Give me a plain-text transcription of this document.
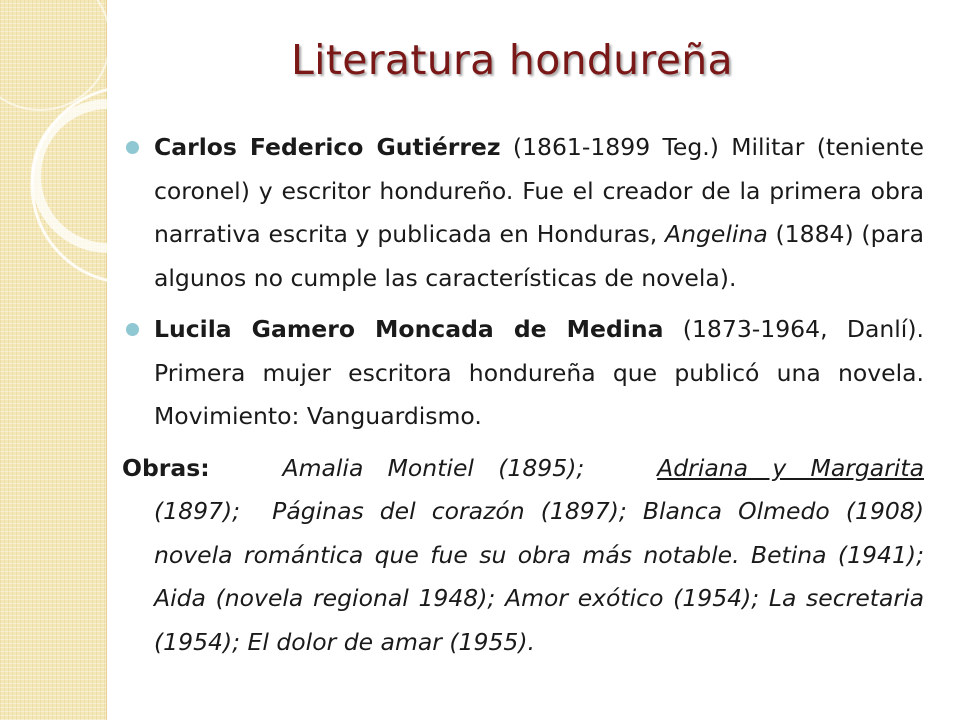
Literatura hondureña

Carlos Federico Gutiérrez (1861-1899 Teg.) Militar (teniente coronel) y escritor hondureño. Fue el creador de la primera obra narrativa escrita y publicada en Honduras, Angelina (1884) (para algunos no cumple las características de novela).

Lucila Gamero Moncada de Medina (1873-1964, Danlí). Primera mujer escritora hondureña que publicó una novela. Movimiento: Vanguardismo.

Obras:	Amalia Montiel (1895);	Adriana y Margarita (1897); Páginas del corazón (1897); Blanca Olmedo (1908) novela romántica que fue su obra más notable. Betina (1941); Aida (novela regional 1948); Amor exótico (1954); La secretaria (1954); El dolor de amar (1955).
